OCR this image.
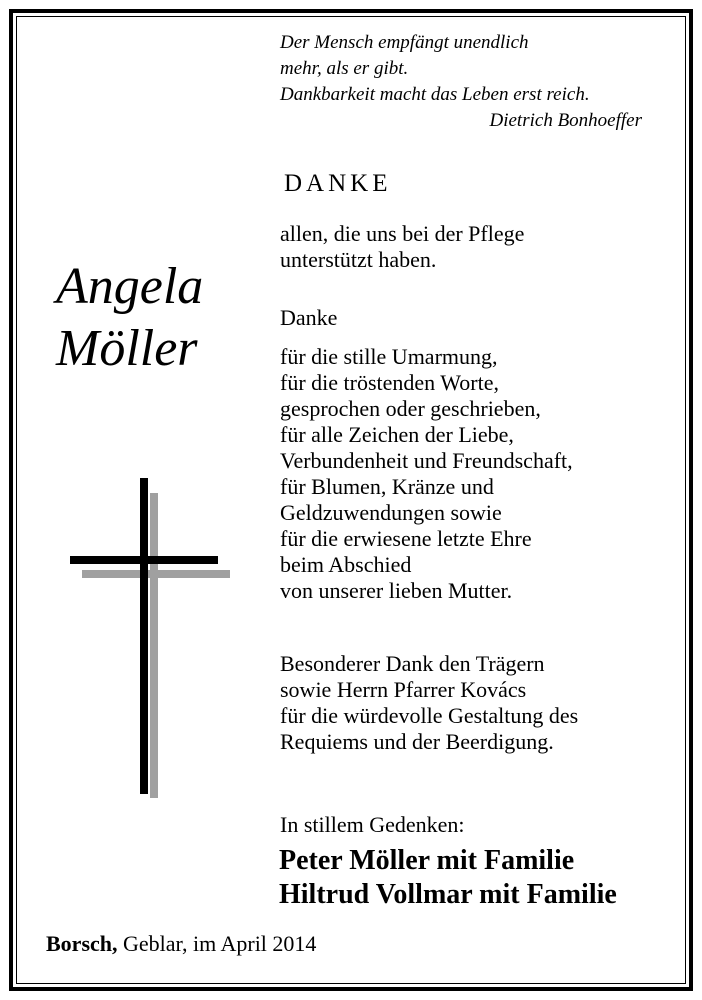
Der Mensch empfängt unendlich
mehr, als er gibt.
Dankbarkeit macht das Leben erst reich.
Dietrich Bonhoeffer
DANKE
Angela
Möller
allen, die uns bei der Pflege
unterstützt haben.
Danke
für die stille Umarmung,
für die tröstenden Worte,
gesprochen oder geschrieben,
für alle Zeichen der Liebe,
Verbundenheit und Freundschaft,
für Blumen, Kränze und
Geldzuwendungen sowie
für die erwiesene letzte Ehre
beim Abschied
von unserer lieben Mutter.
Besonderer Dank den Trägern
sowie Herrn Pfarrer Kovács
für die würdevolle Gestaltung des
Requiems und der Beerdigung.
In stillem Gedenken:
Peter Möller mit Familie
Hiltrud Vollmar mit Familie
Borsch, Geblar, im April 2014
